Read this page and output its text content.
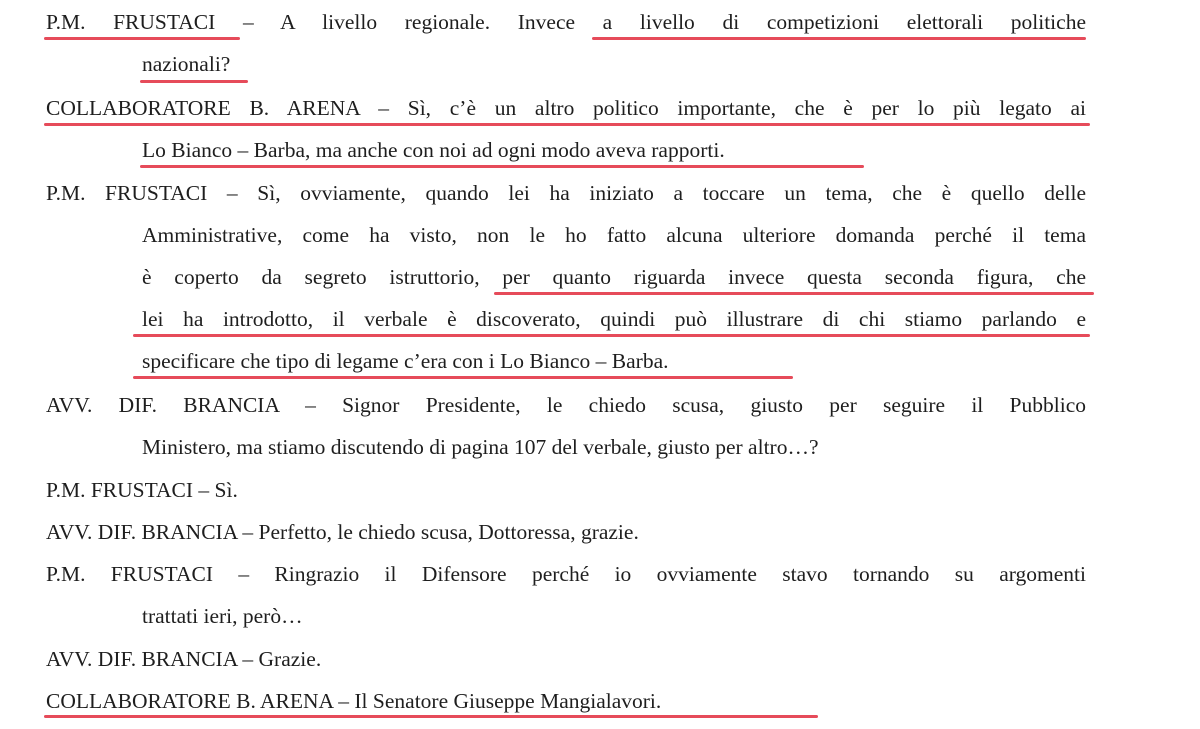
P.M. FRUSTACI – A livello regionale. Invece a livello di competizioni elettorali politiche
nazionali?
COLLABORATORE B. ARENA – Sì, c’è un altro politico importante, che è per lo più legato ai
Lo Bianco – Barba, ma anche con noi ad ogni modo aveva rapporti.
P.M. FRUSTACI – Sì, ovviamente, quando lei ha iniziato a toccare un tema, che è quello delle
Amministrative, come ha visto, non le ho fatto alcuna ulteriore domanda perché il tema
è coperto da segreto istruttorio, per quanto riguarda invece questa seconda figura, che
lei ha introdotto, il verbale è discoverato, quindi può illustrare di chi stiamo parlando e
specificare che tipo di legame c’era con i Lo Bianco – Barba.
AVV. DIF. BRANCIA – Signor Presidente, le chiedo scusa, giusto per seguire il Pubblico
Ministero, ma stiamo discutendo di pagina 107 del verbale, giusto per altro…?
P.M. FRUSTACI – Sì.
AVV. DIF. BRANCIA – Perfetto, le chiedo scusa, Dottoressa, grazie.
P.M. FRUSTACI – Ringrazio il Difensore perché io ovviamente stavo tornando su argomenti
trattati ieri, però…
AVV. DIF. BRANCIA – Grazie.
COLLABORATORE B. ARENA – Il Senatore Giuseppe Mangialavori.
